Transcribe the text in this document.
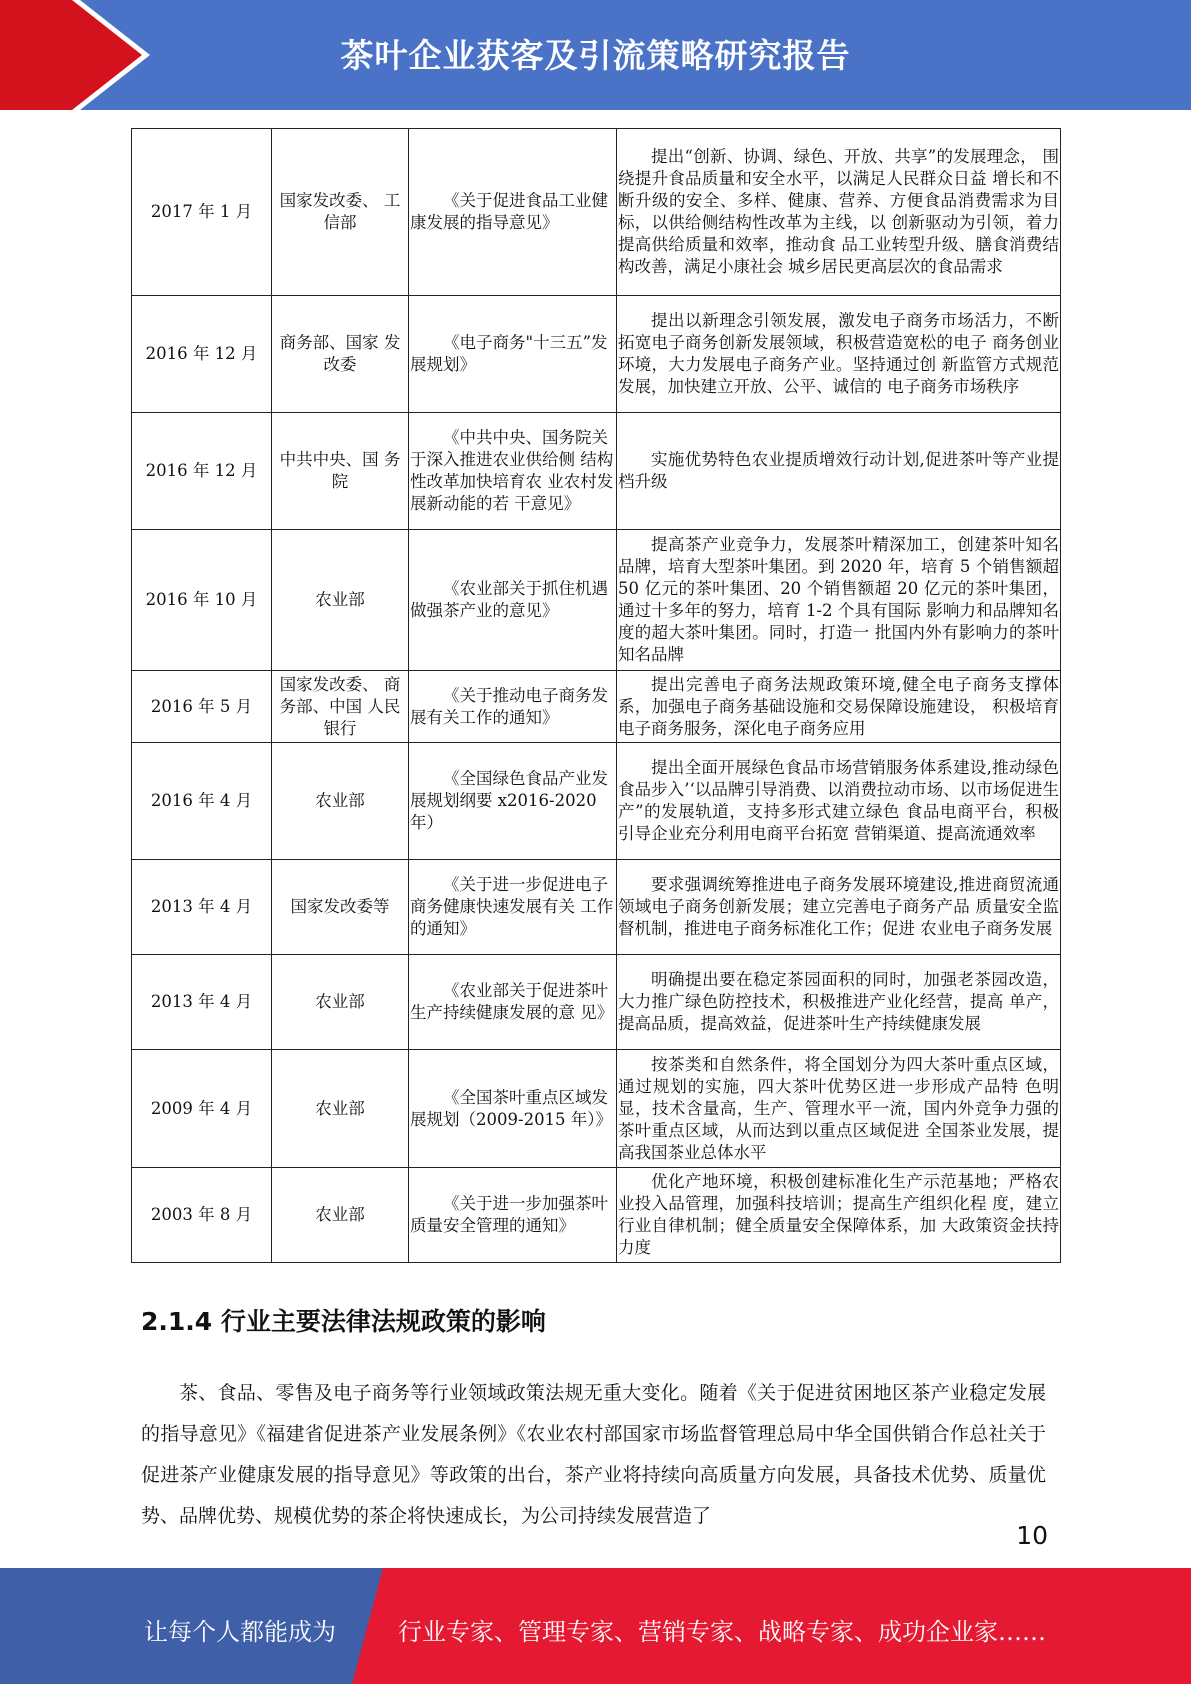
茶叶企业获客及引流策略研究报告
2017 年 1 月	国家发改委、 工信部	《关于促进食品工业健康发展的指导意见》	提出“创新、协调、绿色、开放、共享”的发展理念， 围绕提升食品质量和安全水平，以满足人民群众日益 增长和不断升级的安全、多样、健康、营养、方便食品消费需求为目标，以供给侧结构性改革为主线，以 创新驱动为引领，着力提高供给质量和效率，推动食 品工业转型升级、膳食消费结构改善，满足小康社会 城乡居民更高层次的食品需求
2016 年 12 月	商务部、国家 发改委	《电子商务"十三五”发展规划》	提出以新理念引领发展，激发电子商务市场活力，不断拓宽电子商务创新发展领域，积极营造宽松的电子 商务创业环境，大力发展电子商务产业。坚持通过创 新监管方式规范发展，加快建立开放、公平、诚信的 电子商务市场秩序
2016 年 12 月	中共中央、国 务院	《中共中央、国务院关 于深入推进农业供给侧 结构性改革加快培育农 业农村发展新动能的若 干意见》	实施优势特色农业提质增效行动计划,促进茶叶等产业提档升级
2016 年 10 月	农业部	《农业部关于抓住机遇 做强茶产业的意见》	提高茶产业竞争力，发展茶叶精深加工，创建茶叶知名品牌，培育大型茶叶集团。到 2020 年，培育 5 个销售额超 50 亿元的茶叶集团、20 个销售额超 20 亿元的茶叶集团，通过十多年的努力，培育 1-2 个具有国际 影响力和品牌知名度的超大茶叶集团。同时，打造一 批国内外有影响力的茶叶知名品牌
2016 年 5 月	国家发改委、 商务部、中国 人民银行	《关于推动电子商务发 展有关工作的通知》	提出完善电子商务法规政策环境,健全电子商务支撑体系，加强电子商务基础设施和交易保障设施建设， 积极培育电子商务服务，深化电子商务应用
2016 年 4 月	农业部	《全国绿色食品产业发 展规划纲要 x2016-2020 年）	提出全面开展绿色食品市场营销服务体系建设,推动绿色食品步入’‘以品牌引导消费、以消费拉动市场、以市场促进生产”的发展轨道，支持多形式建立绿色 食品电商平台，积极引导企业充分利用电商平台拓宽 营销渠道、提高流通效率
2013 年 4 月	国家发改委等	《关于进一步促进电子 商务健康快速发展有关 工作的通知》	要求强调统筹推进电子商务发展环境建设,推进商贸流通领域电子商务创新发展；建立完善电子商务产品 质量安全监督机制，推进电子商务标准化工作；促进 农业电子商务发展
2013 年 4 月	农业部	《农业部关于促进茶叶 生产持续健康发展的意 见》	明确提出要在稳定茶园面积的同时，加强老茶园改造， 大力推广绿色防控技术，积极推进产业化经营，提高 单产，提高品质，提高效益，促进茶叶生产持续健康发展
2009 年 4 月	农业部	《全国茶叶重点区域发 展规划（2009-2015 年）》	按茶类和自然条件，将全国划分为四大茶叶重点区域， 通过规划的实施，四大茶叶优势区进一步形成产品特 色明显，技术含量高，生产、管理水平一流，国内外竞争力强的茶叶重点区域，从而达到以重点区域促进 全国茶业发展，提高我国茶业总体水平
2003 年 8 月	农业部	《关于进一步加强茶叶 质量安全管理的通知》	优化产地环境，积极创建标准化生产示范基地；严格农业投入品管理，加强科技培训；提高生产组织化程 度，建立行业自律机制；健全质量安全保障体系，加 大政策资金扶持力度
2.1.4 行业主要法律法规政策的影响
茶、食品、零售及电子商务等行业领域政策法规无重大变化。随着《关于促进贫困地区茶产业稳定发展的指导意见》《福建省促进茶产业发展条例》《农业农村部国家市场监督管理总局中华全国供销合作总社关于促进茶产业健康发展的指导意见》等政策的出台，茶产业将持续向高质量方向发展，具备技术优势、质量优势、品牌优势、规模优势的茶企将快速成长，为公司持续发展营造了
10
让每个人都能成为	行业专家、管理专家、营销专家、战略专家、成功企业家……
